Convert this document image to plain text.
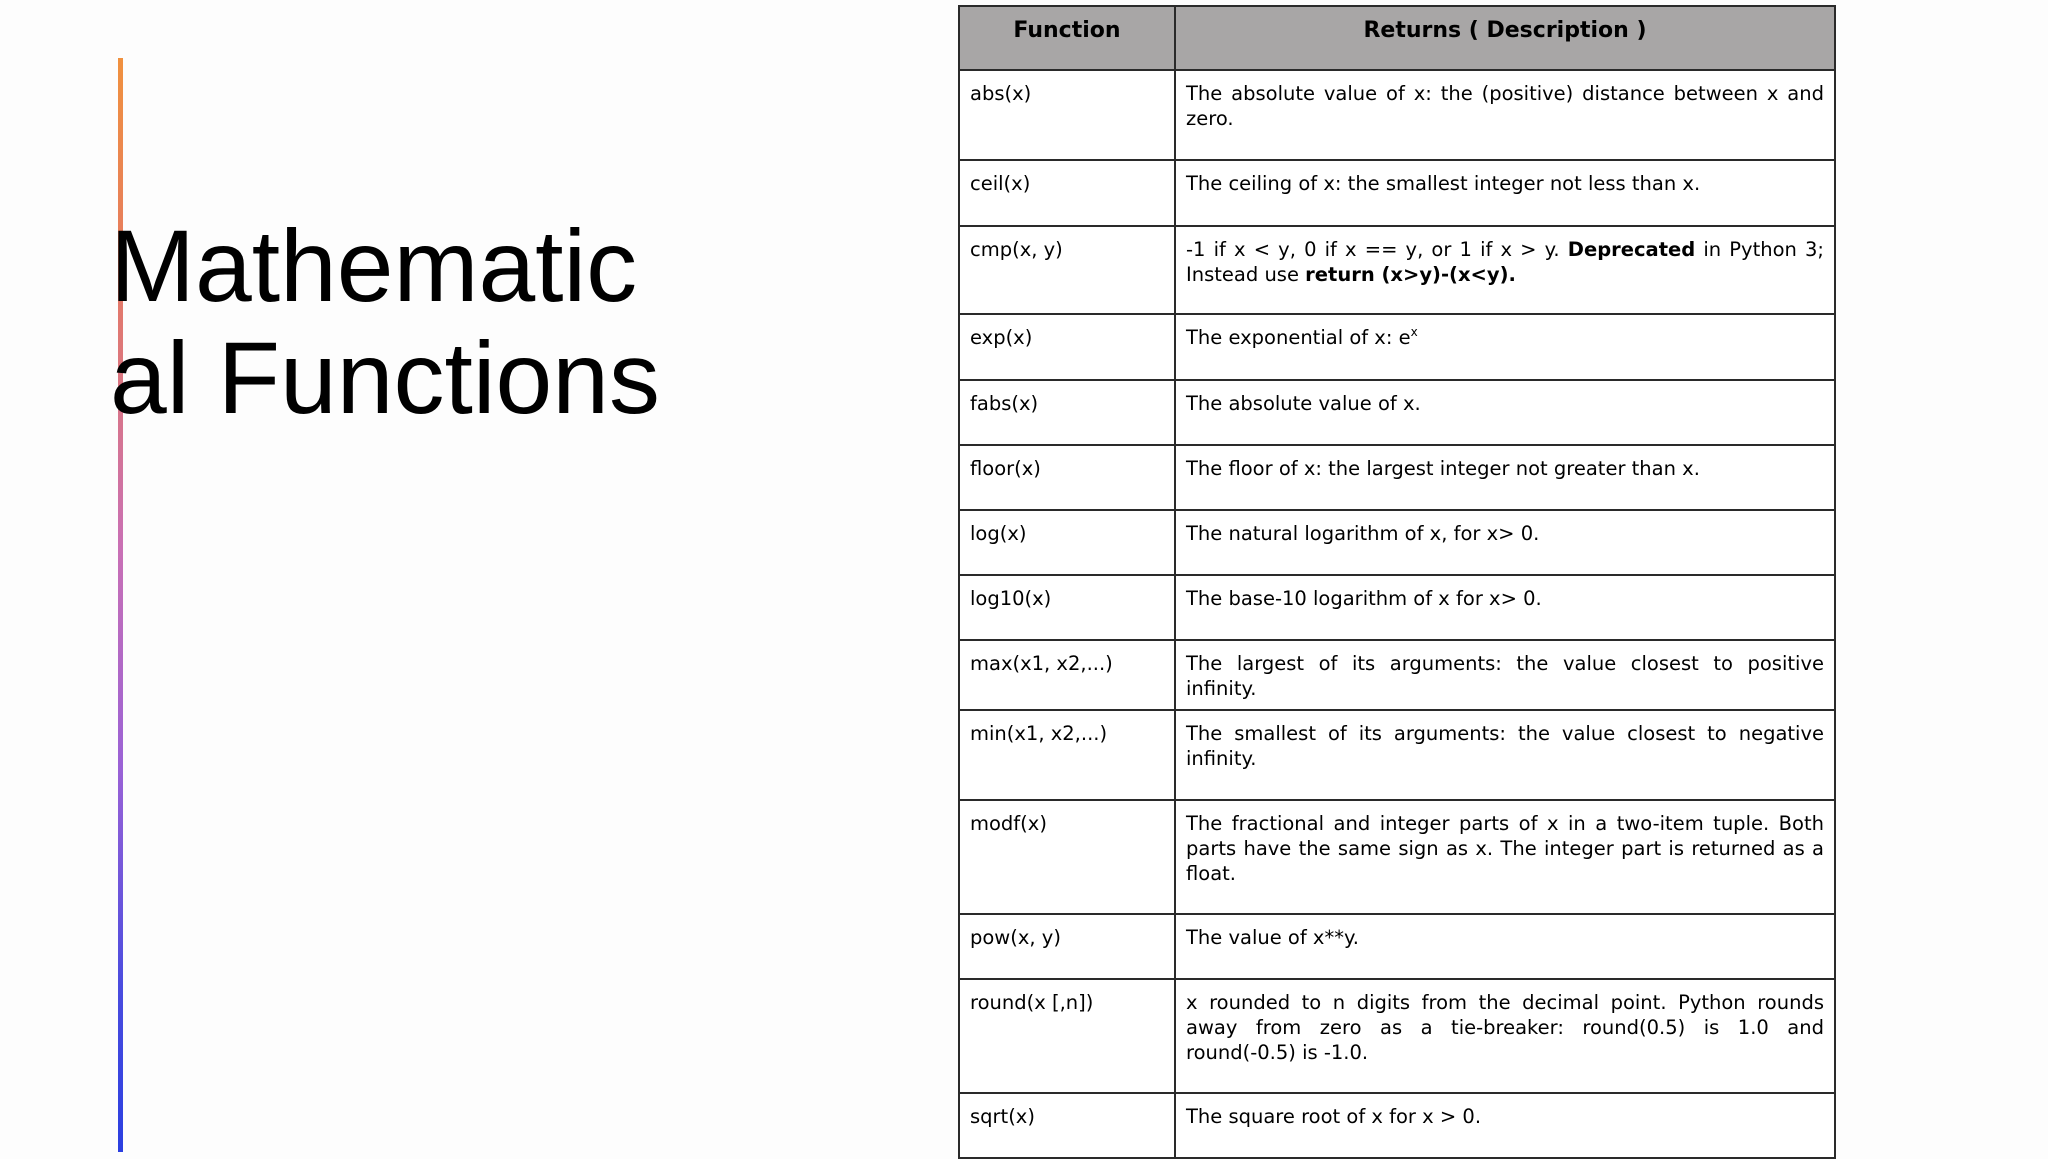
Mathematic
al Functions
Function	Returns ( Description )
abs(x)	The absolute value of x: the (positive) distance between x and zero.
ceil(x)	The ceiling of x: the smallest integer not less than x.
cmp(x, y)	-1 if x < y, 0 if x == y, or 1 if x > y. Deprecated in Python 3; Instead use return (x>y)-(x<y).
exp(x)	The exponential of x: $e^x$
fabs(x)	The absolute value of x.
floor(x)	The floor of x: the largest integer not greater than x.
log(x)	The natural logarithm of x, for x> 0.
log10(x)	The base-10 logarithm of x for x> 0.
max(x1, x2,...)	The largest of its arguments: the value closest to positive infinity.
min(x1, x2,...)	The smallest of its arguments: the value closest to negative infinity.
modf(x)	The fractional and integer parts of x in a two-item tuple. Both parts have the same sign as x. The integer part is returned as a float.
pow(x, y)	The value of x**y.
round(x [,n])	x rounded to n digits from the decimal point. Python rounds away from zero as a tie-breaker: round(0.5) is 1.0 and round(-0.5) is -1.0.
sqrt(x)	The square root of x for x > 0.
